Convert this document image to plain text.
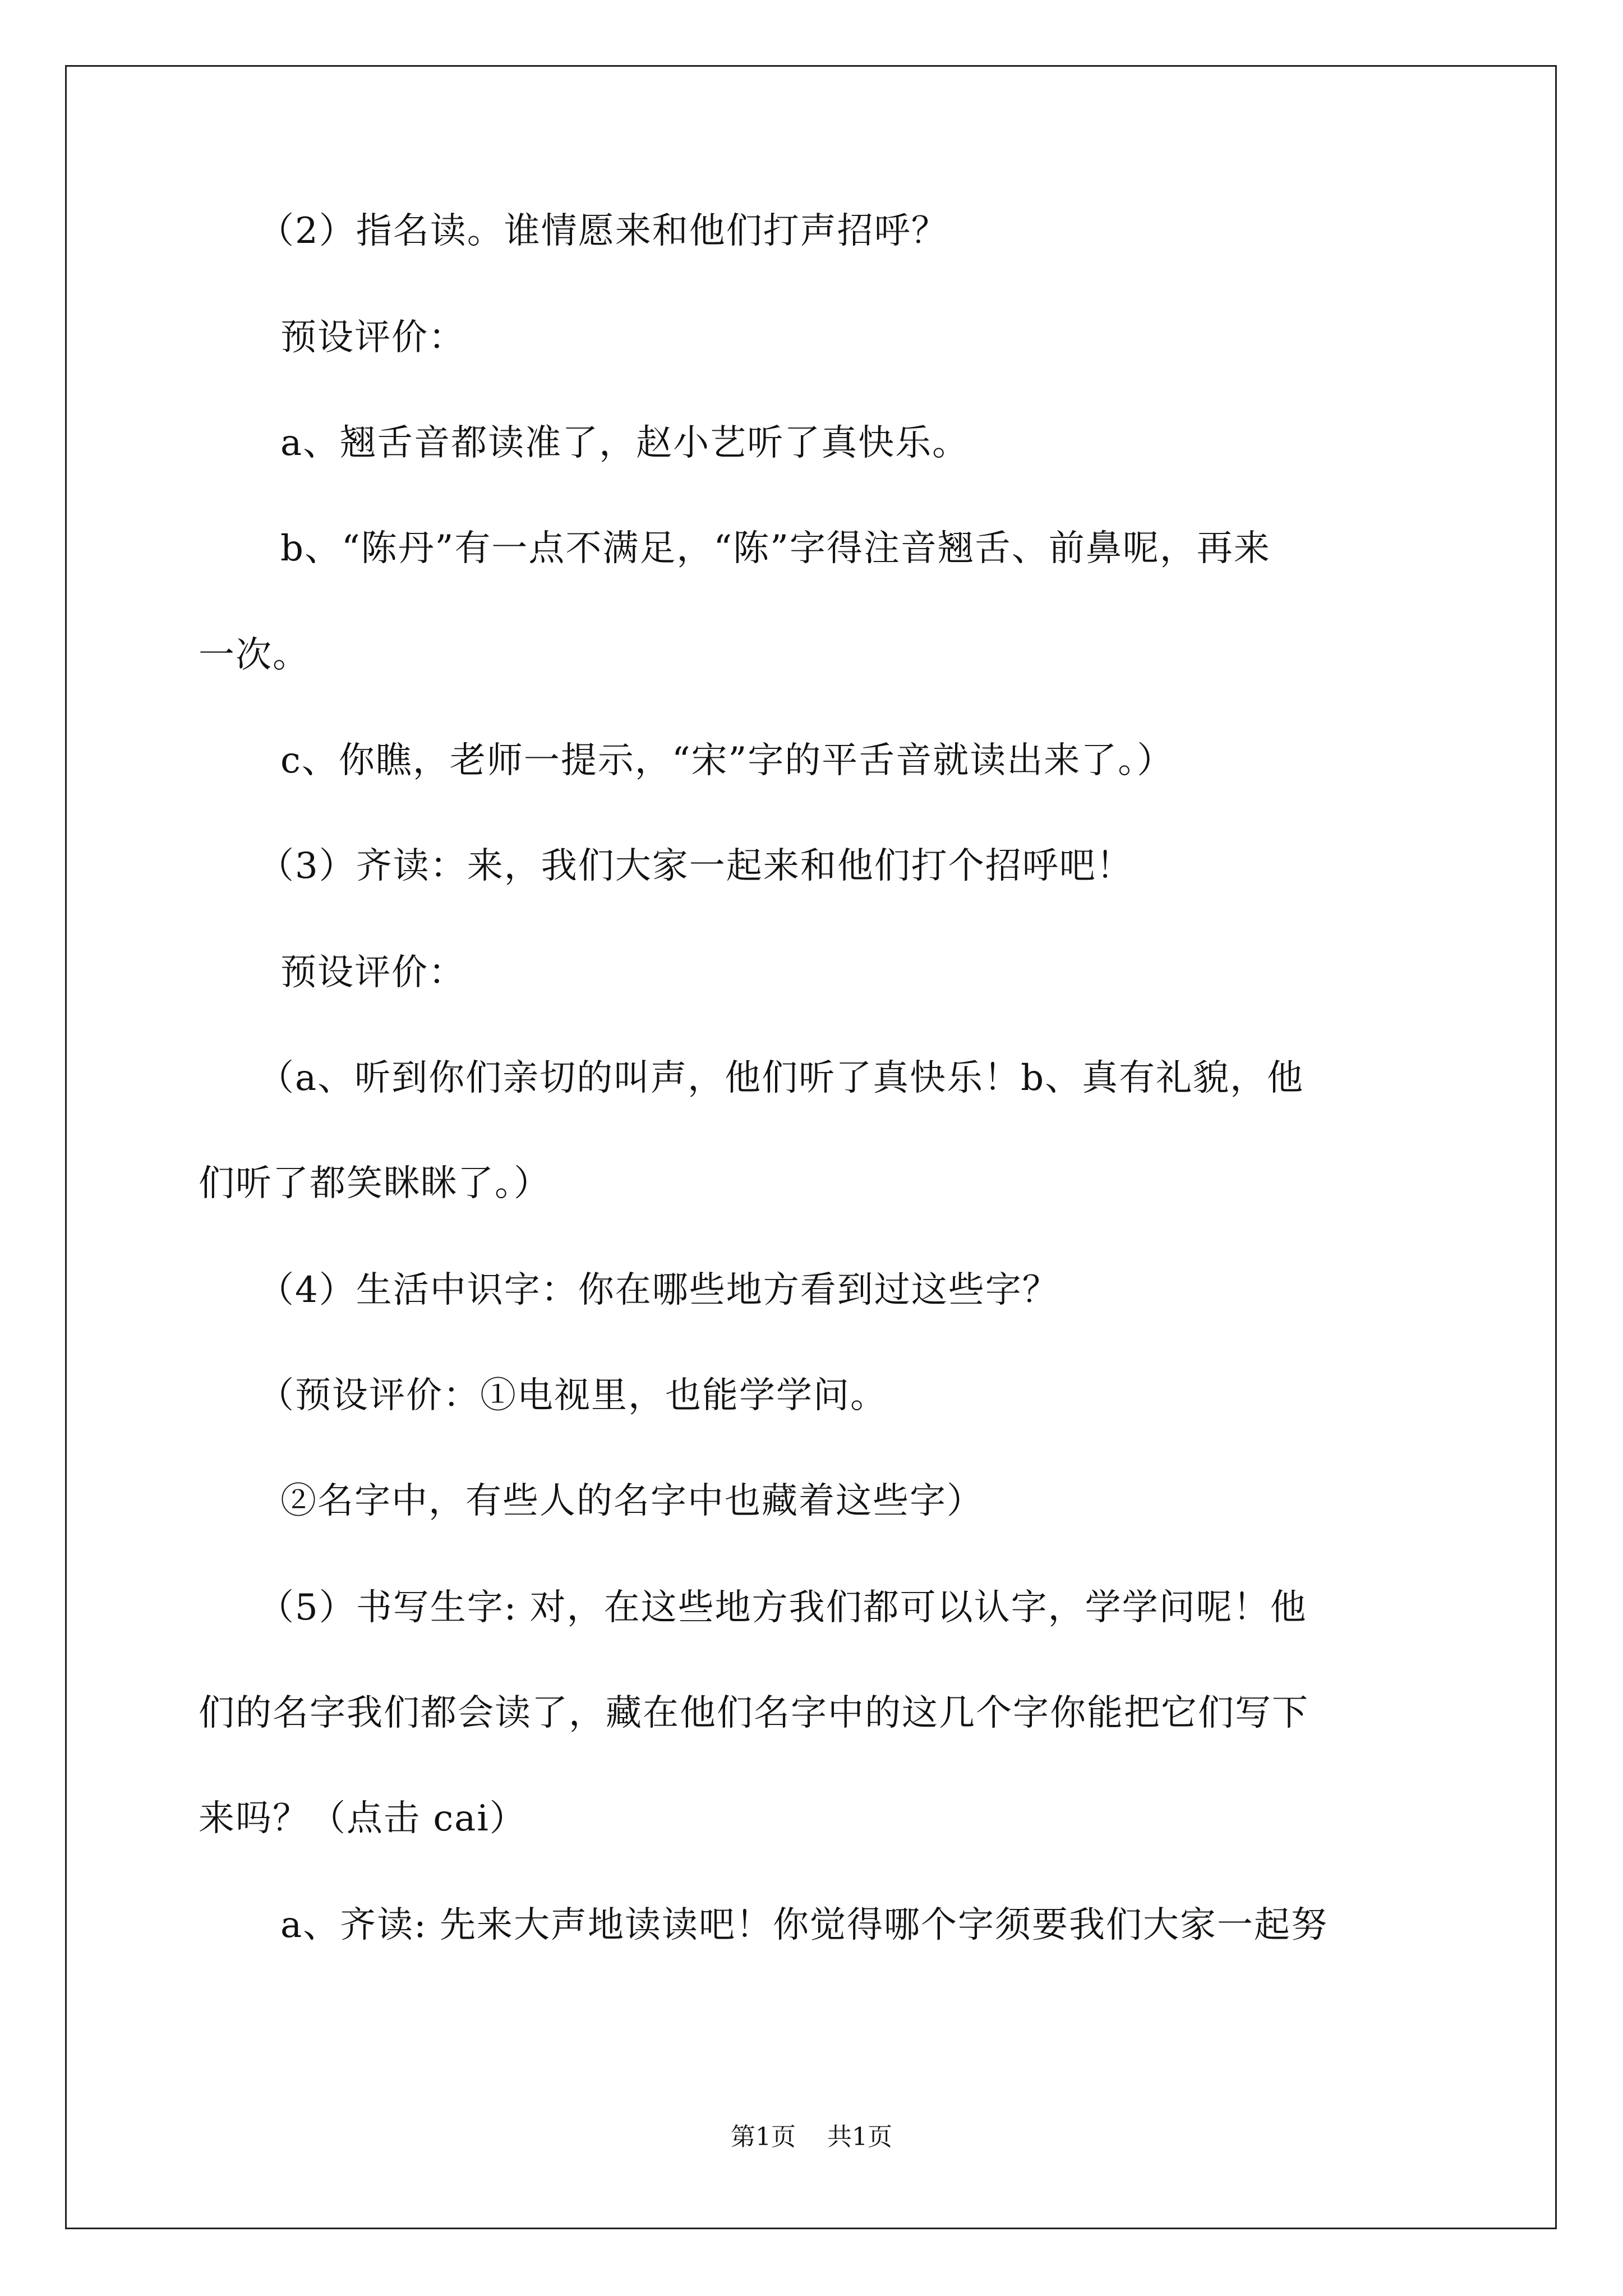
（2）指名读。谁情愿来和他们打声招呼？
预设评价：
a、翘舌音都读准了，赵小艺听了真快乐。
b、“陈丹”有一点不满足，“陈”字得注音翘舌、前鼻呢，再来
一次。
c、你瞧，老师一提示，“宋”字的平舌音就读出来了。）
（3）齐读：来，我们大家一起来和他们打个招呼吧！
预设评价：
（a、听到你们亲切的叫声，他们听了真快乐！b、真有礼貌，他
们听了都笑眯眯了。）
（4）生活中识字：你在哪些地方看到过这些字？
（预设评价：①电视里，也能学学问。
②名字中，有些人的名字中也藏着这些字）
（5）书写生字: 对，在这些地方我们都可以认字，学学问呢！他
们的名字我们都会读了，藏在他们名字中的这几个字你能把它们写下
来吗？（点击 cai）
a、齐读: 先来大声地读读吧！你觉得哪个字须要我们大家一起努
第1页 共1页
